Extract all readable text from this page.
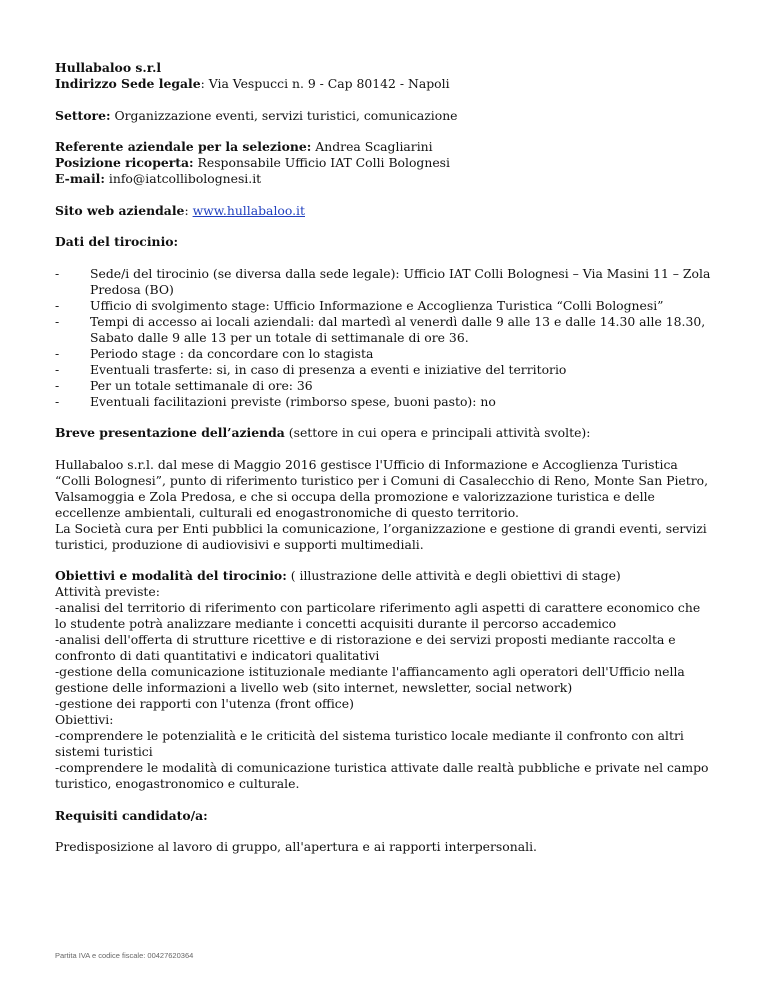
Hullabaloo s.r.l

Indirizzo Sede legale: Via Vespucci n. 9 - Cap 80142 - Napoli

Settore: Organizzazione eventi, servizi turistici, comunicazione

Referente aziendale per la selezione: Andrea Scagliarini

Posizione ricoperta: Responsabile Ufficio IAT Colli Bolognesi

E-mail: info@iatcollibolognesi.it

Sito web aziendale: www.hullabaloo.it

Dati del tirocinio:

- Sede/i del tirocinio (se diversa dalla sede legale): Ufficio IAT Colli Bolognesi – Via Masini 11 – Zola Predosa (BO)
- Ufficio di svolgimento stage: Ufficio Informazione e Accoglienza Turistica “Colli Bolognesi”
- Tempi di accesso ai locali aziendali: dal martedì al venerdì dalle 9 alle 13 e dalle 14.30 alle 18.30, Sabato dalle 9 alle 13 per un totale di settimanale di ore 36.
- Periodo stage : da concordare con lo stagista
- Eventuali trasferte: si, in caso di presenza a eventi e iniziative del territorio
- Per un totale settimanale di ore: 36
- Eventuali facilitazioni previste (rimborso spese, buoni pasto): no

Breve presentazione dell’azienda (settore in cui opera e principali attività svolte):

Hullabaloo s.r.l. dal mese di Maggio 2016 gestisce l'Ufficio di Informazione e Accoglienza Turistica “Colli Bolognesi”, punto di riferimento turistico per i Comuni di Casalecchio di Reno, Monte San Pietro, Valsamoggia e Zola Predosa, e che si occupa della promozione e valorizzazione turistica e delle eccellenze ambientali, culturali ed enogastronomiche di questo territorio.

La Società cura per Enti pubblici la comunicazione, l’organizzazione e gestione di grandi eventi, servizi turistici, produzione di audiovisivi e supporti multimediali.

Obiettivi e modalità del tirocinio: ( illustrazione delle attività e degli obiettivi di stage)

Attività previste:

-analisi del territorio di riferimento con particolare riferimento agli aspetti di carattere economico che lo studente potrà analizzare mediante i concetti acquisiti durante il percorso accademico

-analisi dell'offerta di strutture ricettive e di ristorazione e dei servizi proposti mediante raccolta e confronto di dati quantitativi e indicatori qualitativi

-gestione della comunicazione istituzionale mediante l'affiancamento agli operatori dell'Ufficio nella gestione delle informazioni a livello web (sito internet, newsletter, social network)

-gestione dei rapporti con l'utenza (front office)

Obiettivi:

-comprendere le potenzialità e le criticità del sistema turistico locale mediante il confronto con altri sistemi turistici

-comprendere le modalità di comunicazione turistica attivate dalle realtà pubbliche e private nel campo turistico, enogastronomico e culturale.

Requisiti candidato/a:

Predisposizione al lavoro di gruppo, all'apertura e ai rapporti interpersonali.

Partita IVA e codice fiscale: 00427620364
